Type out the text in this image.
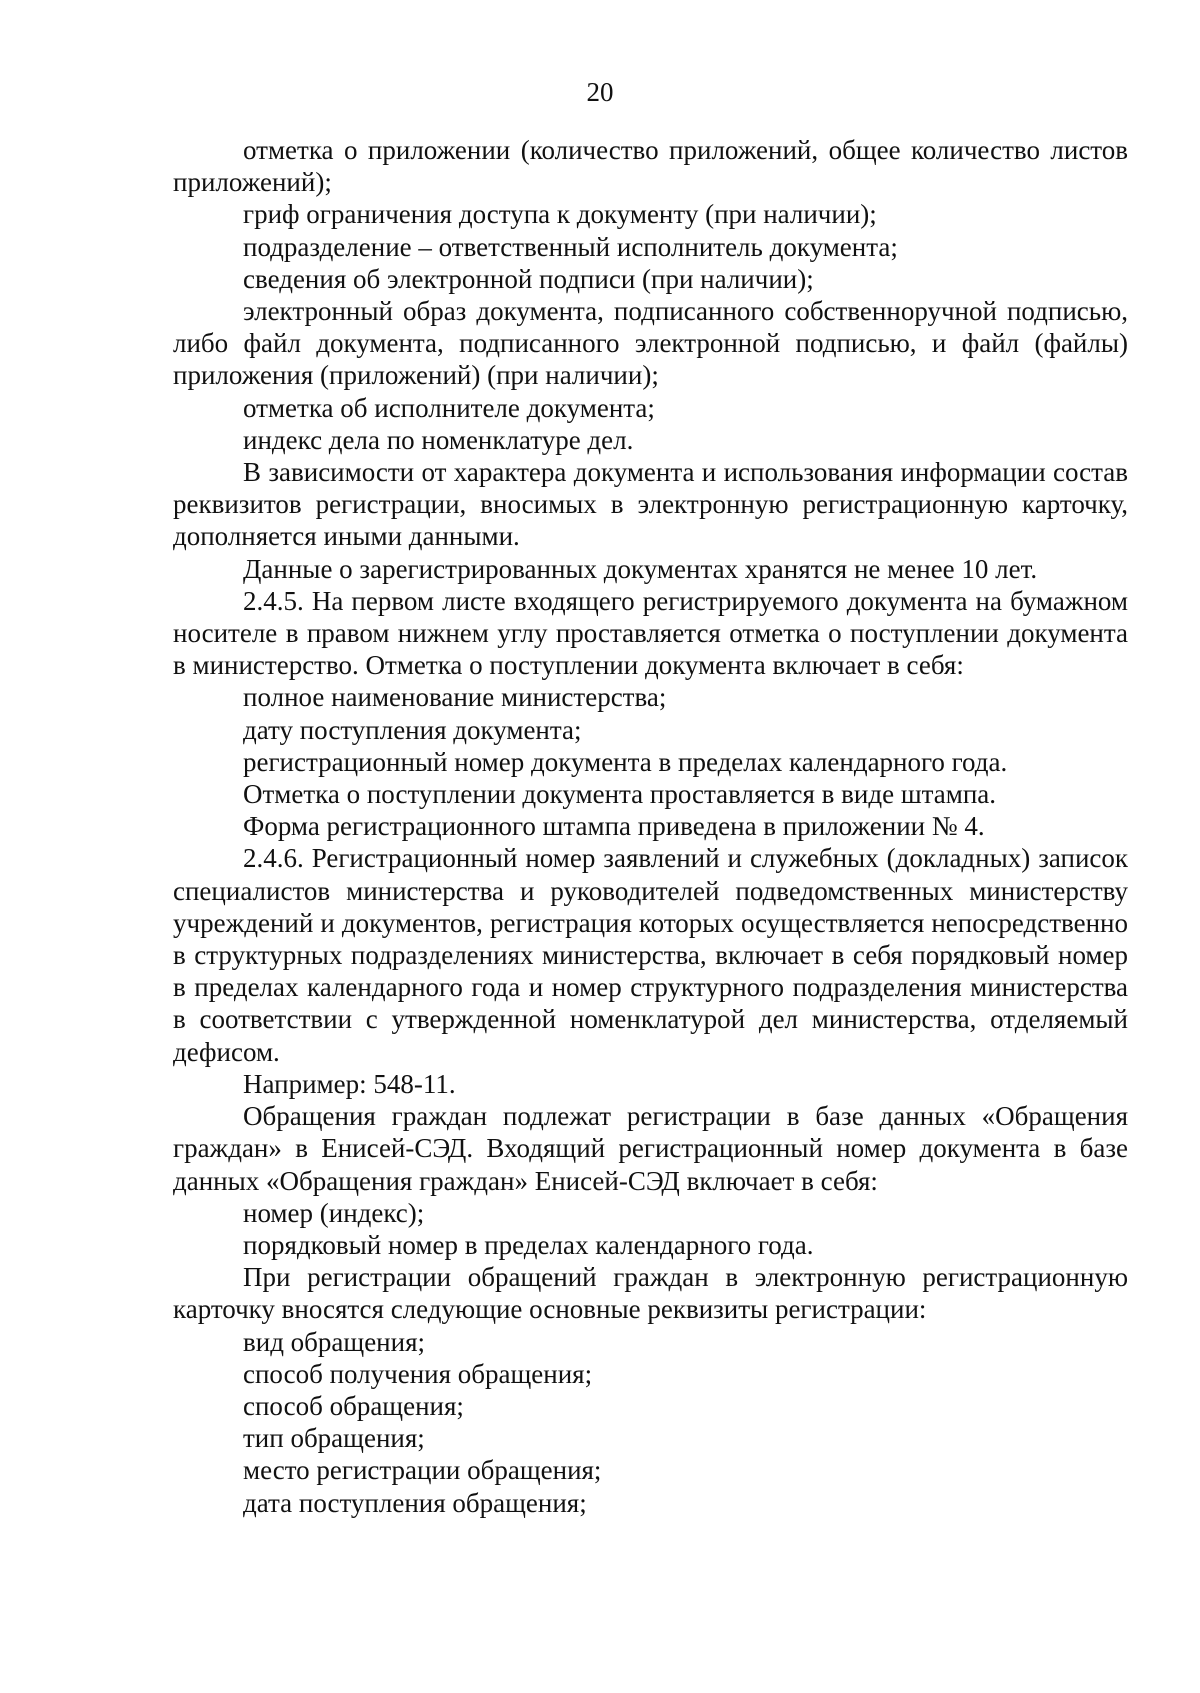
20

отметка о приложении (количество приложений, общее количество листов приложений);

гриф ограничения доступа к документу (при наличии);

подразделение – ответственный исполнитель документа;

сведения об электронной подписи (при наличии);

электронный образ документа, подписанного собственноручной подписью, либо файл документа, подписанного электронной подписью, и файл (файлы) приложения (приложений) (при наличии);

отметка об исполнителе документа;

индекс дела по номенклатуре дел.

В зависимости от характера документа и использования информации состав реквизитов регистрации, вносимых в электронную регистрационную карточку, дополняется иными данными.

Данные о зарегистрированных документах хранятся не менее 10 лет.

2.4.5. На первом листе входящего регистрируемого документа на бумажном носителе в правом нижнем углу проставляется отметка о поступлении документа в министерство. Отметка о поступлении документа включает в себя:

полное наименование министерства;

дату поступления документа;

регистрационный номер документа в пределах календарного года.

Отметка о поступлении документа проставляется в виде штампа.

Форма регистрационного штампа приведена в приложении № 4.

2.4.6. Регистрационный номер заявлений и служебных (докладных) записок специалистов министерства и руководителей подведомственных министерству учреждений и документов, регистрация которых осуществляется непосредственно в структурных подразделениях министерства, включает в себя порядковый номер в пределах календарного года и номер структурного подразделения министерства в соответствии с утвержденной номенклатурой дел министерства, отделяемый дефисом.

Например: 548-11.

Обращения граждан подлежат регистрации в базе данных «Обращения граждан» в Енисей-СЭД. Входящий регистрационный номер документа в базе данных «Обращения граждан» Енисей-СЭД включает в себя:

номер (индекс);

порядковый номер в пределах календарного года.

При регистрации обращений граждан в электронную регистрационную карточку вносятся следующие основные реквизиты регистрации:

вид обращения;

способ получения обращения;

способ обращения;

тип обращения;

место регистрации обращения;

дата поступления обращения;
